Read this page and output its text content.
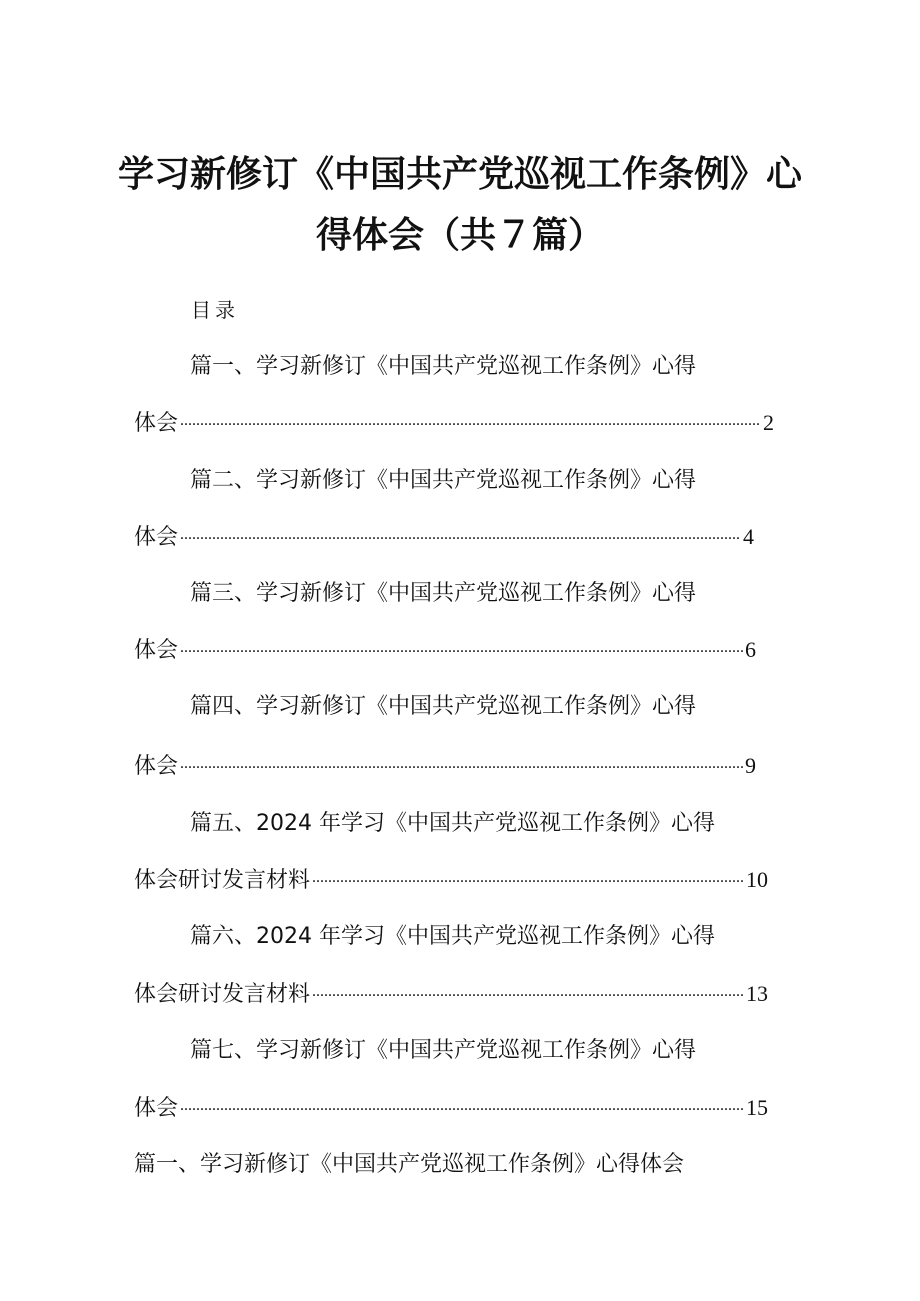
学习新修订《中国共产党巡视工作条例》心
得体会（共７篇）
目录
篇一、学习新修订《中国共产党巡视工作条例》心得
体会 .....	2
篇二、学习新修订《中国共产党巡视工作条例》心得
体会 .....	4
篇三、学习新修订《中国共产党巡视工作条例》心得
体会 .....	6
篇四、学习新修订《中国共产党巡视工作条例》心得
体会 .....	9
篇五、2024 年学习《中国共产党巡视工作条例》心得
体会研讨发言材料 .....	10
篇六、2024 年学习《中国共产党巡视工作条例》心得
体会研讨发言材料 .....	13
篇七、学习新修订《中国共产党巡视工作条例》心得
体会 .....	15
篇一、学习新修订《中国共产党巡视工作条例》心得体会
